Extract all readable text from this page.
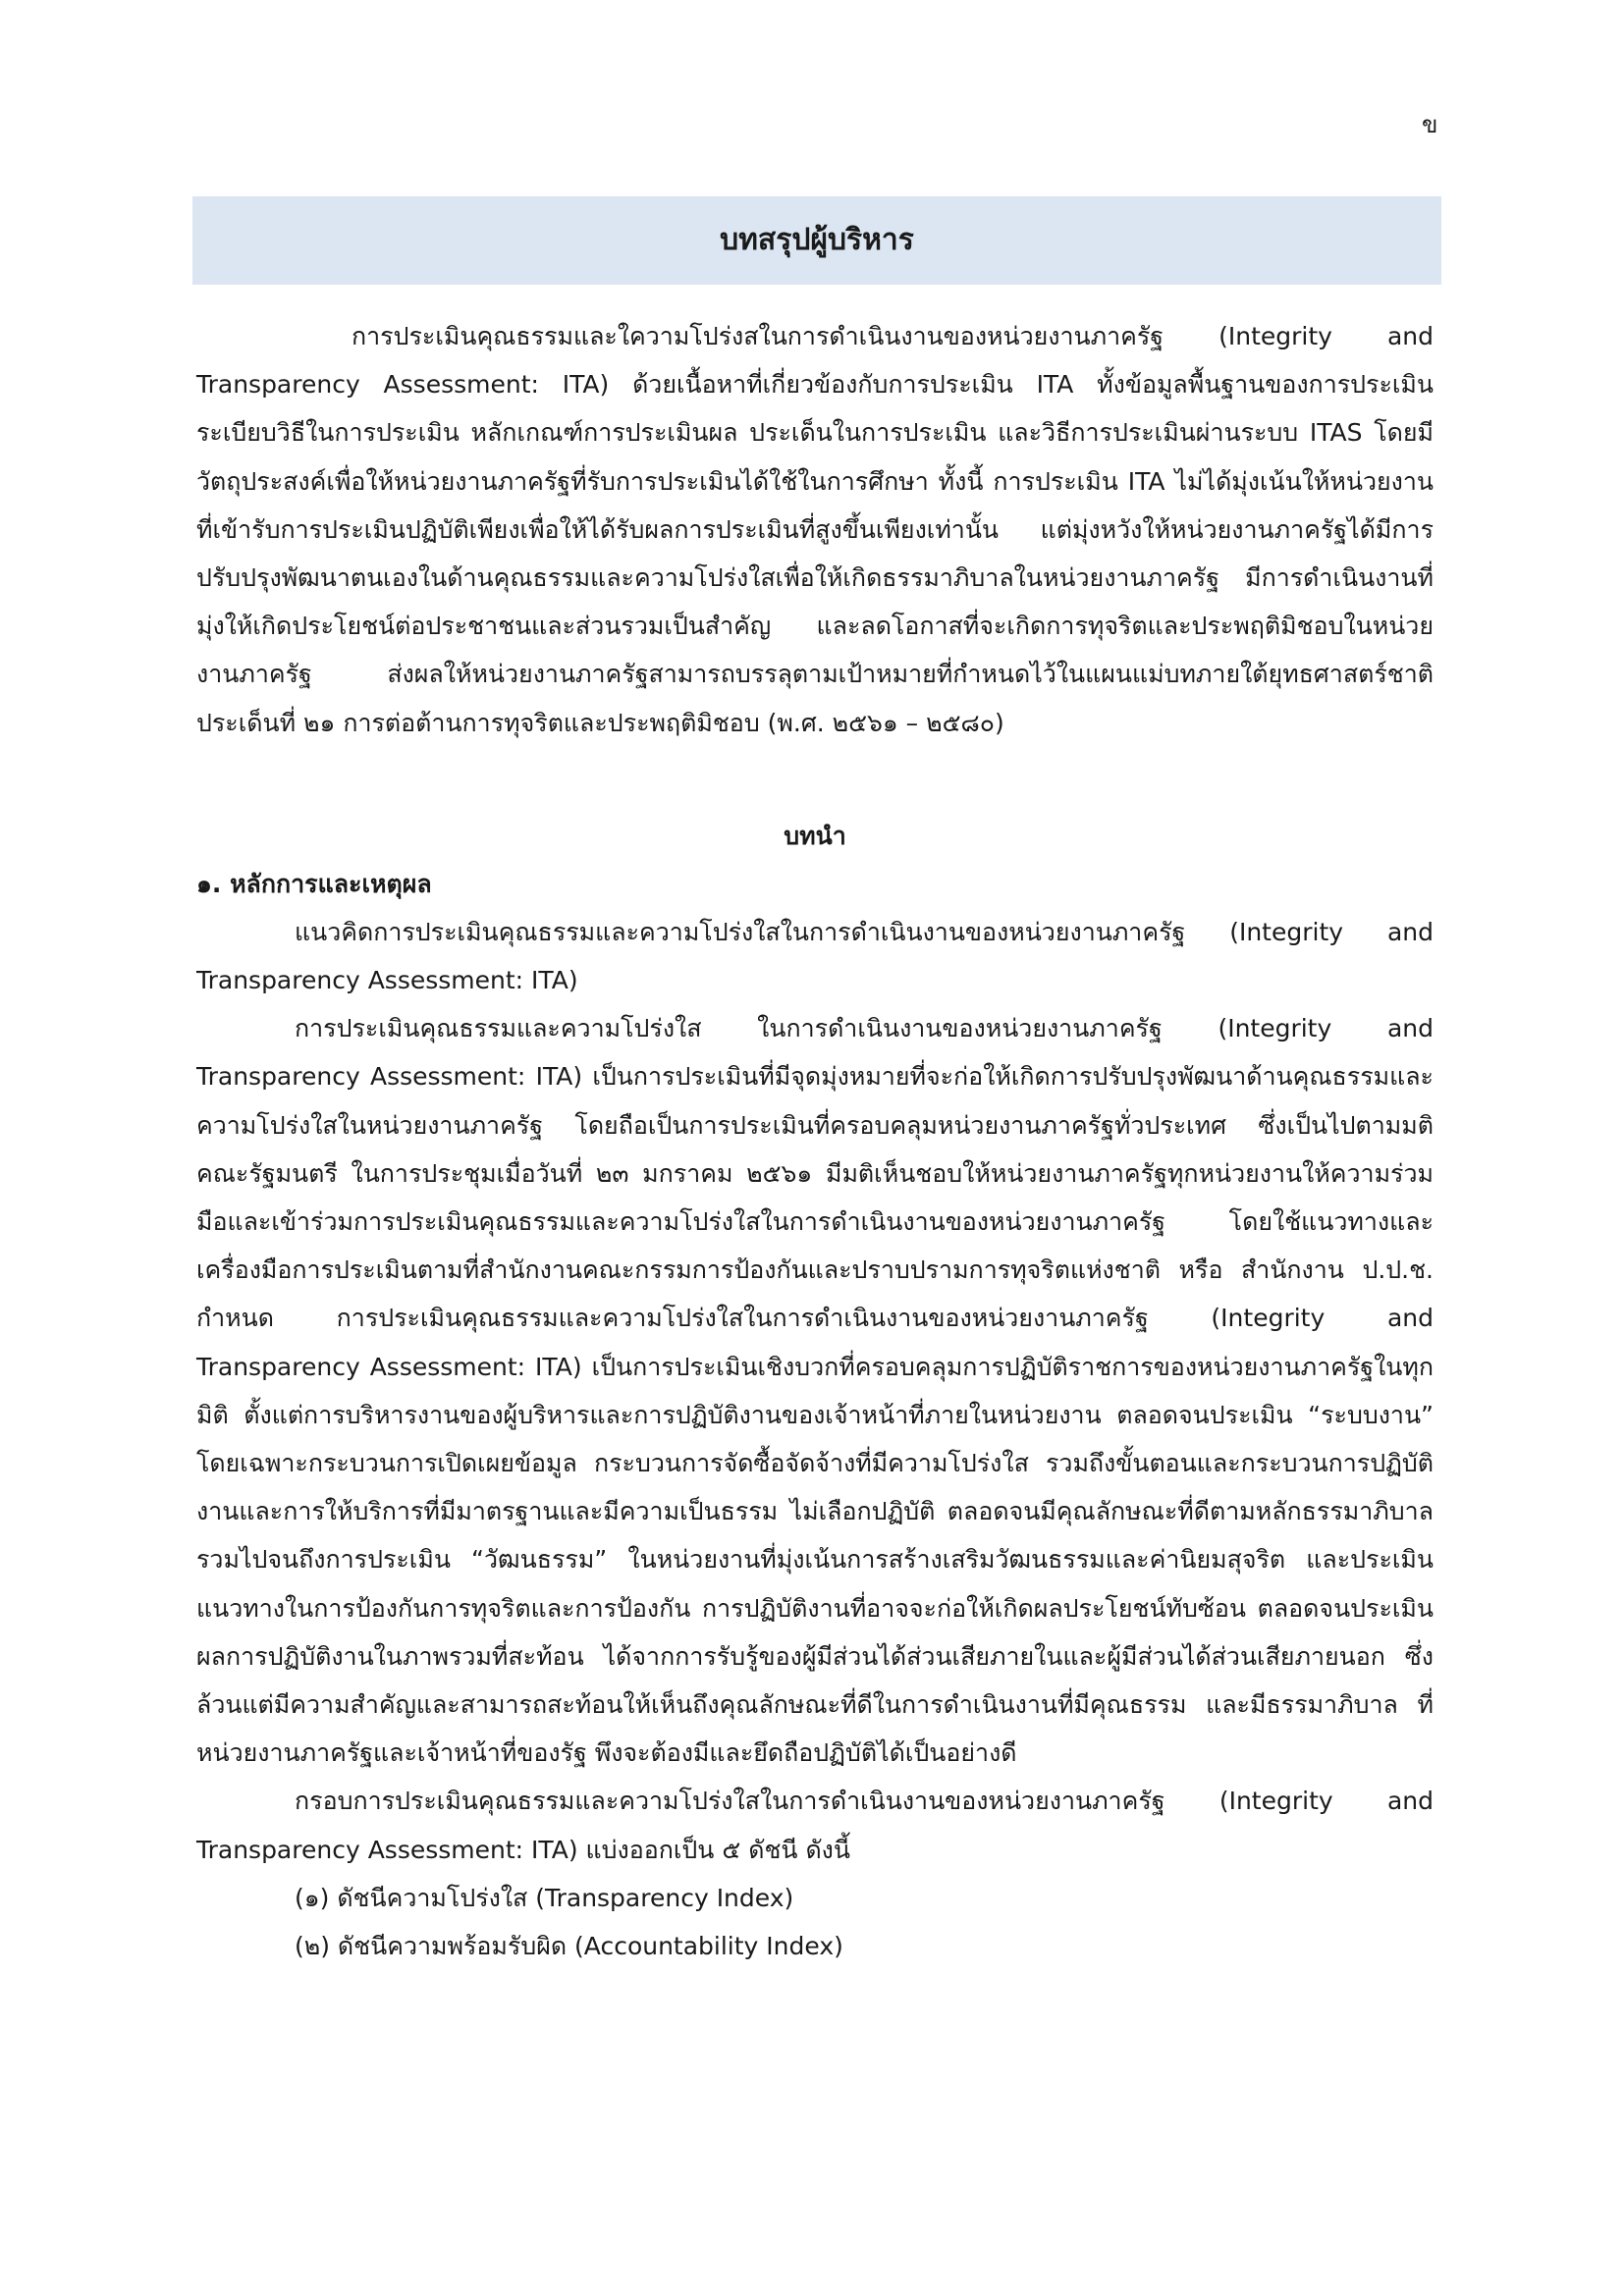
ข
บทสรุปผู้บริหาร

การประเมินคุณธรรมและใความโปร่งสในการดำเนินงานของหน่วยงานภาครัฐ (Integrity and Transparency Assessment: ITA) ด้วยเนื้อหาที่เกี่ยวข้องกับการประเมิน ITA ทั้งข้อมูลพื้นฐานของการประเมิน ระเบียบวิธีในการประเมิน หลักเกณฑ์การประเมินผล ประเด็นในการประเมิน และวิธีการประเมินผ่านระบบ ITAS โดยมีวัตถุประสงค์เพื่อให้หน่วยงานภาครัฐที่รับการประเมินได้ใช้ในการศึกษา ทั้งนี้ การประเมิน ITA ไม่ได้มุ่งเน้นให้หน่วยงานที่เข้ารับการประเมินปฏิบัติเพียงเพื่อให้ได้รับผลการประเมินที่สูงขึ้นเพียงเท่านั้น แต่มุ่งหวังให้หน่วยงานภาครัฐได้มีการปรับปรุงพัฒนาตนเองในด้านคุณธรรมและความโปร่งใสเพื่อให้เกิดธรรมาภิบาลในหน่วยงานภาครัฐ มีการดำเนินงานที่มุ่งให้เกิดประโยชน์ต่อประชาชนและส่วนรวมเป็นสำคัญ และลดโอกาสที่จะเกิดการทุจริตและประพฤติมิชอบในหน่วยงานภาครัฐ ส่งผลให้หน่วยงานภาครัฐสามารถบรรลุตามเป้าหมายที่กำหนดไว้ในแผนแม่บทภายใต้ยุทธศาสตร์ชาติ ประเด็นที่ ๒๑ การต่อต้านการทุจริตและประพฤติมิชอบ (พ.ศ. ๒๕๖๑ – ๒๕๘๐)

บทนำ
๑. หลักการและเหตุผล

แนวคิดการประเมินคุณธรรมและความโปร่งใสในการดำเนินงานของหน่วยงานภาครัฐ (Integrity and Transparency Assessment: ITA)

การประเมินคุณธรรมและความโปร่งใส ในการดำเนินงานของหน่วยงานภาครัฐ (Integrity and Transparency Assessment: ITA) เป็นการประเมินที่มีจุดมุ่งหมายที่จะก่อให้เกิดการปรับปรุงพัฒนาด้านคุณธรรมและความโปร่งใสในหน่วยงานภาครัฐ โดยถือเป็นการประเมินที่ครอบคลุมหน่วยงานภาครัฐทั่วประเทศ ซึ่งเป็นไปตามมติคณะรัฐมนตรี ในการประชุมเมื่อวันที่ ๒๓ มกราคม ๒๕๖๑ มีมติเห็นชอบให้หน่วยงานภาครัฐทุกหน่วยงานให้ความร่วมมือและเข้าร่วมการประเมินคุณธรรมและความโปร่งใสในการดำเนินงานของหน่วยงานภาครัฐ โดยใช้แนวทางและเครื่องมือการประเมินตามที่สำนักงานคณะกรรมการป้องกันและปราบปรามการทุจริตแห่งชาติ หรือ สำนักงาน ป.ป.ช. กำหนด การประเมินคุณธรรมและความโปร่งใสในการดำเนินงานของหน่วยงานภาครัฐ (Integrity and Transparency Assessment: ITA) เป็นการประเมินเชิงบวกที่ครอบคลุมการปฏิบัติราชการของหน่วยงานภาครัฐในทุกมิติ ตั้งแต่การบริหารงานของผู้บริหารและการปฏิบัติงานของเจ้าหน้าที่ภายในหน่วยงาน ตลอดจนประเมิน “ระบบงาน” โดยเฉพาะกระบวนการเปิดเผยข้อมูล กระบวนการจัดซื้อจัดจ้างที่มีความโปร่งใส รวมถึงขั้นตอนและกระบวนการปฏิบัติงานและการให้บริการที่มีมาตรฐานและมีความเป็นธรรม ไม่เลือกปฏิบัติ ตลอดจนมีคุณลักษณะที่ดีตามหลักธรรมาภิบาล รวมไปจนถึงการประเมิน “วัฒนธรรม” ในหน่วยงานที่มุ่งเน้นการสร้างเสริมวัฒนธรรมและค่านิยมสุจริต และประเมินแนวทางในการป้องกันการทุจริตและการป้องกัน การปฏิบัติงานที่อาจจะก่อให้เกิดผลประโยชน์ทับซ้อน ตลอดจนประเมินผลการปฏิบัติงานในภาพรวมที่สะท้อน ได้จากการรับรู้ของผู้มีส่วนได้ส่วนเสียภายในและผู้มีส่วนได้ส่วนเสียภายนอก ซึ่งล้วนแต่มีความสำคัญและสามารถสะท้อนให้เห็นถึงคุณลักษณะที่ดีในการดำเนินงานที่มีคุณธรรม และมีธรรมาภิบาล ที่หน่วยงานภาครัฐและเจ้าหน้าที่ของรัฐ พึงจะต้องมีและยึดถือปฏิบัติได้เป็นอย่างดี

กรอบการประเมินคุณธรรมและความโปร่งใสในการดำเนินงานของหน่วยงานภาครัฐ (Integrity and Transparency Assessment: ITA) แบ่งออกเป็น ๕ ดัชนี ดังนี้

(๑) ดัชนีความโปร่งใส (Transparency Index)

(๒) ดัชนีความพร้อมรับผิด (Accountability Index)
